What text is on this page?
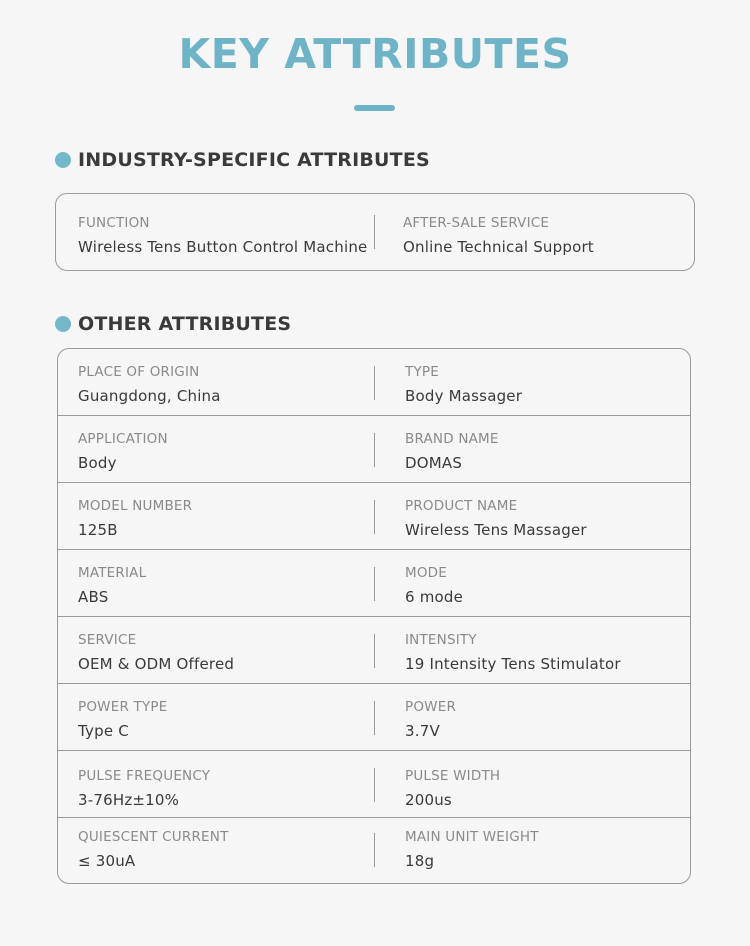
KEY ATTRIBUTES
INDUSTRY-SPECIFIC ATTRIBUTES
FUNCTION
Wireless Tens Button Control Machine
AFTER-SALE SERVICE
Online Technical Support
OTHER ATTRIBUTES
PLACE OF ORIGIN
Guangdong, China
TYPE
Body Massager
APPLICATION
Body
BRAND NAME
DOMAS
MODEL NUMBER
125B
PRODUCT NAME
Wireless Tens Massager
MATERIAL
ABS
MODE
6 mode
SERVICE
OEM & ODM Offered
INTENSITY
19 Intensity Tens Stimulator
POWER TYPE
Type C
POWER
3.7V
PULSE FREQUENCY
3-76Hz±10%
PULSE WIDTH
200us
QUIESCENT CURRENT
≤ 30uA
MAIN UNIT WEIGHT
18g
